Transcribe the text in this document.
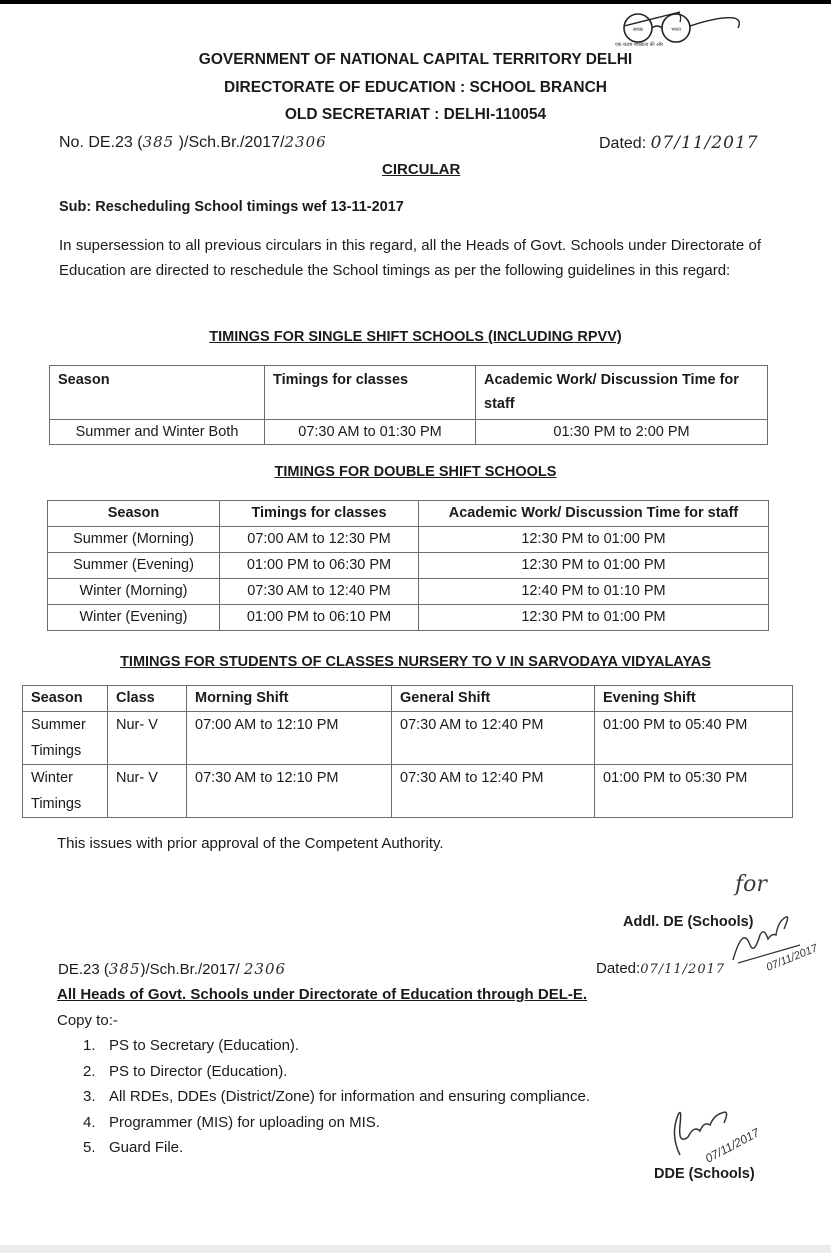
स्वच्छ	भारत
एक कदम स्वच्छता की ओर
GOVERNMENT OF NATIONAL CAPITAL TERRITORY DELHI
DIRECTORATE OF EDUCATION : SCHOOL BRANCH
OLD SECRETARIAT : DELHI-110054
No. DE.23 (385 )/Sch.Br./2017/2306	Dated: 07/11/2017
CIRCULAR
Sub: Rescheduling School timings wef 13-11-2017
In supersession to all previous circulars in this regard, all the Heads of Govt. Schools under Directorate of Education are directed to reschedule the School timings as per the following guidelines in this regard:
TIMINGS FOR SINGLE SHIFT SCHOOLS (INCLUDING RPVV)
Season	Timings for classes	Academic Work/ Discussion Time for staff
Summer and Winter Both	07:30 AM to 01:30 PM	01:30 PM to 2:00 PM
TIMINGS FOR DOUBLE SHIFT SCHOOLS
Season	Timings for classes	Academic Work/ Discussion Time for staff
Summer (Morning)	07:00 AM to 12:30 PM	12:30 PM to 01:00 PM
Summer (Evening)	01:00 PM to 06:30 PM	12:30 PM to 01:00 PM
Winter (Morning)	07:30 AM to 12:40 PM	12:40 PM to 01:10 PM
Winter (Evening)	01:00 PM to 06:10 PM	12:30 PM to 01:00 PM
TIMINGS FOR STUDENTS OF CLASSES NURSERY TO V IN SARVODAYA VIDYALAYAS
Season	Class	Morning Shift	General Shift	Evening Shift
Summer Timings	Nur- V	07:00 AM to 12:10 PM	07:30 AM to 12:40 PM	01:00 PM to 05:40 PM
Winter Timings	Nur- V	07:30 AM to 12:10 PM	07:30 AM to 12:40 PM	01:00 PM to 05:30 PM
This issues with prior approval of the Competent Authority.
for
Addl. DE (Schools)
07/11/2017
DE.23 (385)/Sch.Br./2017/ 2306	Dated:07/11/2017
All Heads of Govt. Schools under Directorate of Education through DEL-E.
Copy to:-
1. PS to Secretary (Education).
2. PS to Director (Education).
3. All RDEs, DDEs (District/Zone) for information and ensuring compliance.
4. Programmer (MIS) for uploading on MIS.
5. Guard File.	07/11/2017
DDE (Schools)
